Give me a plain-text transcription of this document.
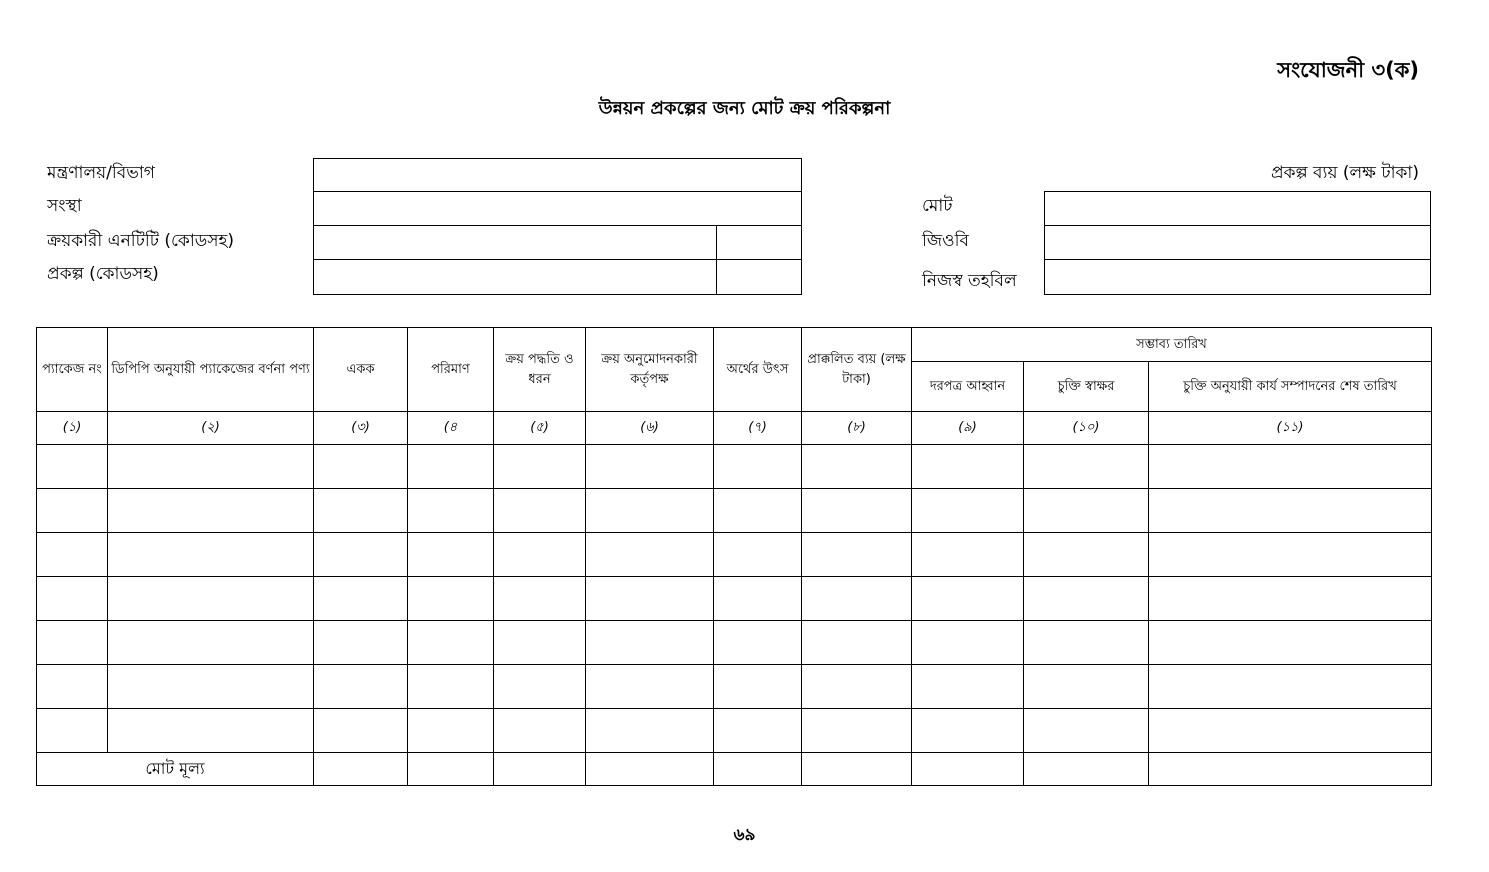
সংযোজনী ৩(ক)
উন্নয়ন প্রকল্পের জন্য মোট ক্রয় পরিকল্পনা
মন্ত্রণালয়/বিভাগ
সংস্থা
ক্রয়কারী এনটিটি (কোডসহ)
প্রকল্প (কোডসহ)
প্রকল্প ব্যয় (লক্ষ টাকা)
মোট
জিওবি
নিজস্ব তহবিল
প্যাকেজ নং	ডিপিপি অনুযায়ী প্যাকেজের বর্ণনা পণ্য	একক	পরিমাণ	ক্রয় পদ্ধতি ও ধরন	ক্রয় অনুমোদনকারী কর্তৃপক্ষ	অর্থের উৎস	প্রাক্কলিত ব্যয় (লক্ষ টাকা)	সম্ভাব্য তারিখ		
								দরপত্র আহ্বান	চুক্তি স্বাক্ষর	চুক্তি অনুযায়ী কার্য সম্পাদনের শেষ তারিখ
(১)	(২)	(৩)	(৪	(৫)	(৬)	(৭)	(৮)	(৯)	(১০)	(১১)

মোট মূল্য										
৬৯
